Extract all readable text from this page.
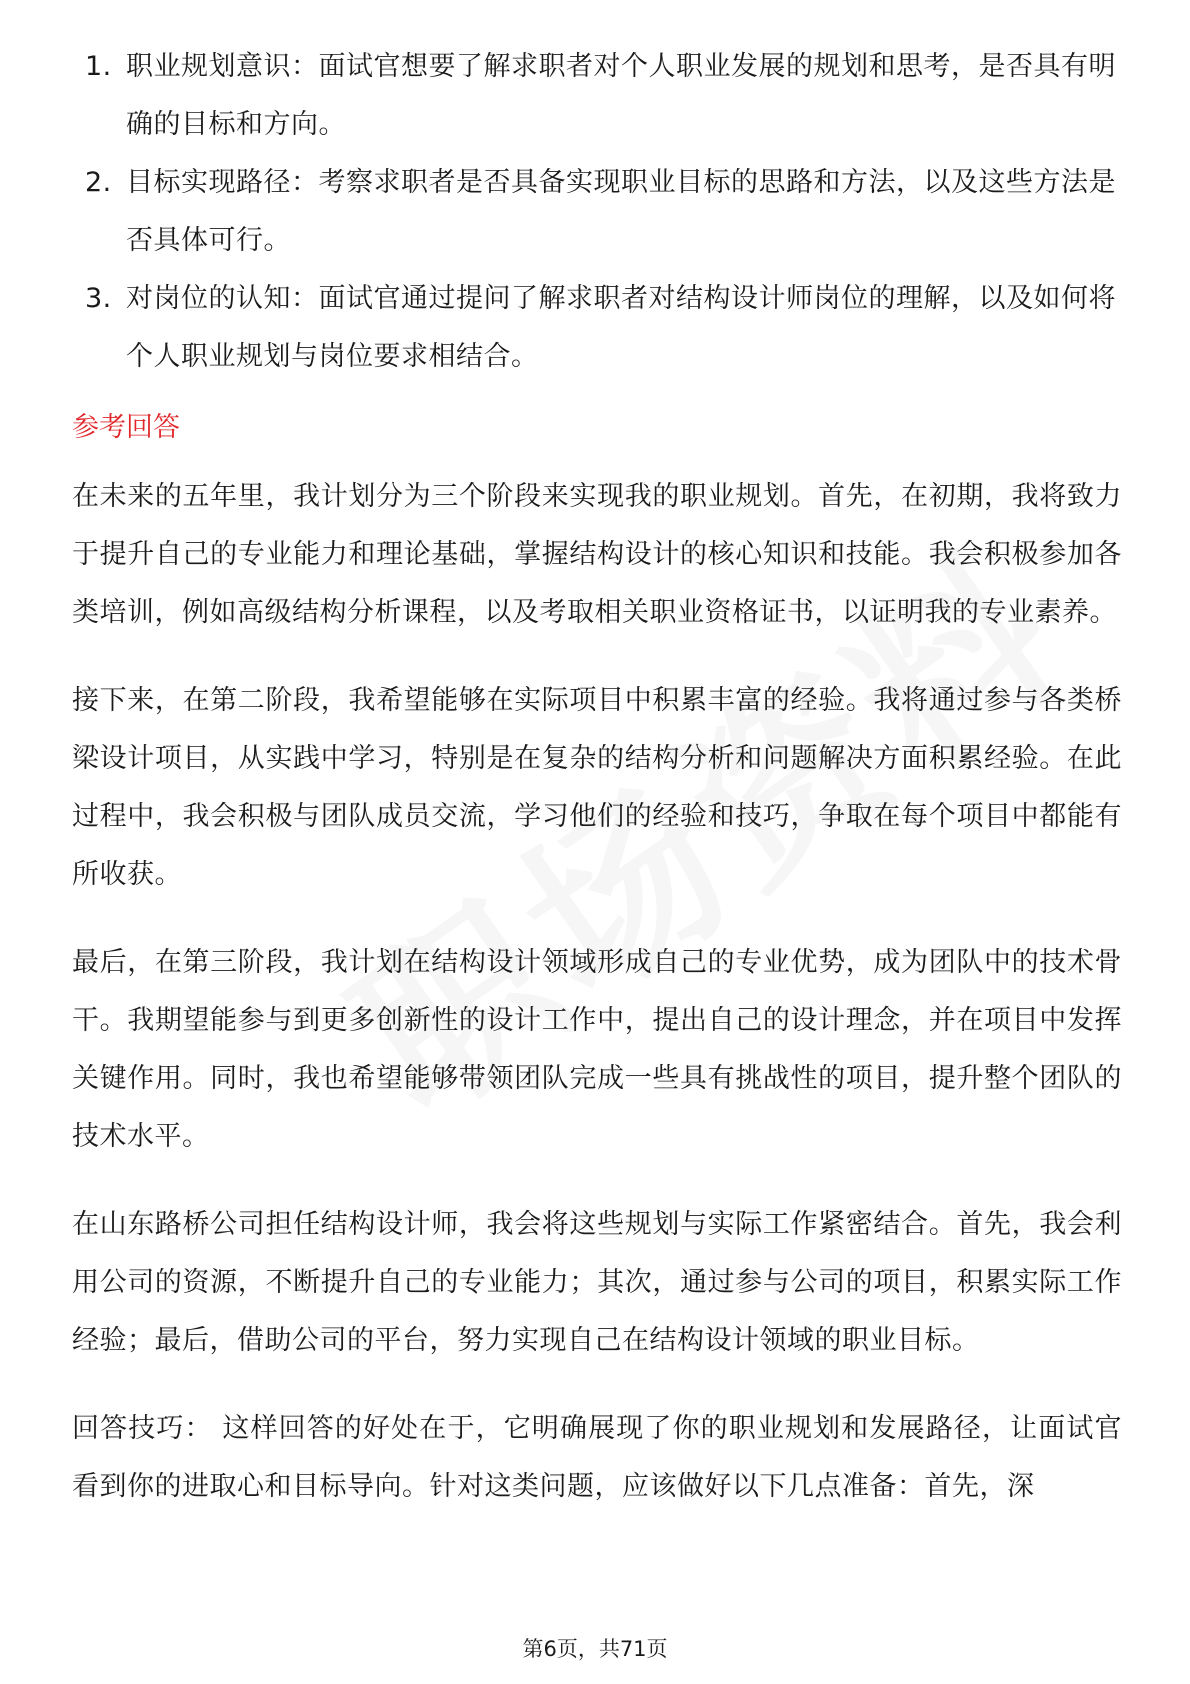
1. 职业规划意识：面试官想要了解求职者对个人职业发展的规划和思考，是否具有明确的目标和方向。
2. 目标实现路径：考察求职者是否具备实现职业目标的思路和方法，以及这些方法是否具体可行。
3. 对岗位的认知：面试官通过提问了解求职者对结构设计师岗位的理解，以及如何将个人职业规划与岗位要求相结合。
参考回答

在未来的五年里，我计划分为三个阶段来实现我的职业规划。首先，在初期，我将致力于提升自己的专业能力和理论基础，掌握结构设计的核心知识和技能。我会积极参加各类培训，例如高级结构分析课程，以及考取相关职业资格证书，以证明我的专业素养。

接下来，在第二阶段，我希望能够在实际项目中积累丰富的经验。我将通过参与各类桥梁设计项目，从实践中学习，特别是在复杂的结构分析和问题解决方面积累经验。在此过程中，我会积极与团队成员交流，学习他们的经验和技巧，争取在每个项目中都能有所收获。

最后，在第三阶段，我计划在结构设计领域形成自己的专业优势，成为团队中的技术骨干。我期望能参与到更多创新性的设计工作中，提出自己的设计理念，并在项目中发挥关键作用。同时，我也希望能够带领团队完成一些具有挑战性的项目，提升整个团队的技术水平。

在山东路桥公司担任结构设计师，我会将这些规划与实际工作紧密结合。首先，我会利用公司的资源，不断提升自己的专业能力；其次，通过参与公司的项目，积累实际工作经验；最后，借助公司的平台，努力实现自己在结构设计领域的职业目标。

回答技巧： 这样回答的好处在于，它明确展现了你的职业规划和发展路径，让面试官看到你的进取心和目标导向。针对这类问题，应该做好以下几点准备：首先，深

第6页，共71页
